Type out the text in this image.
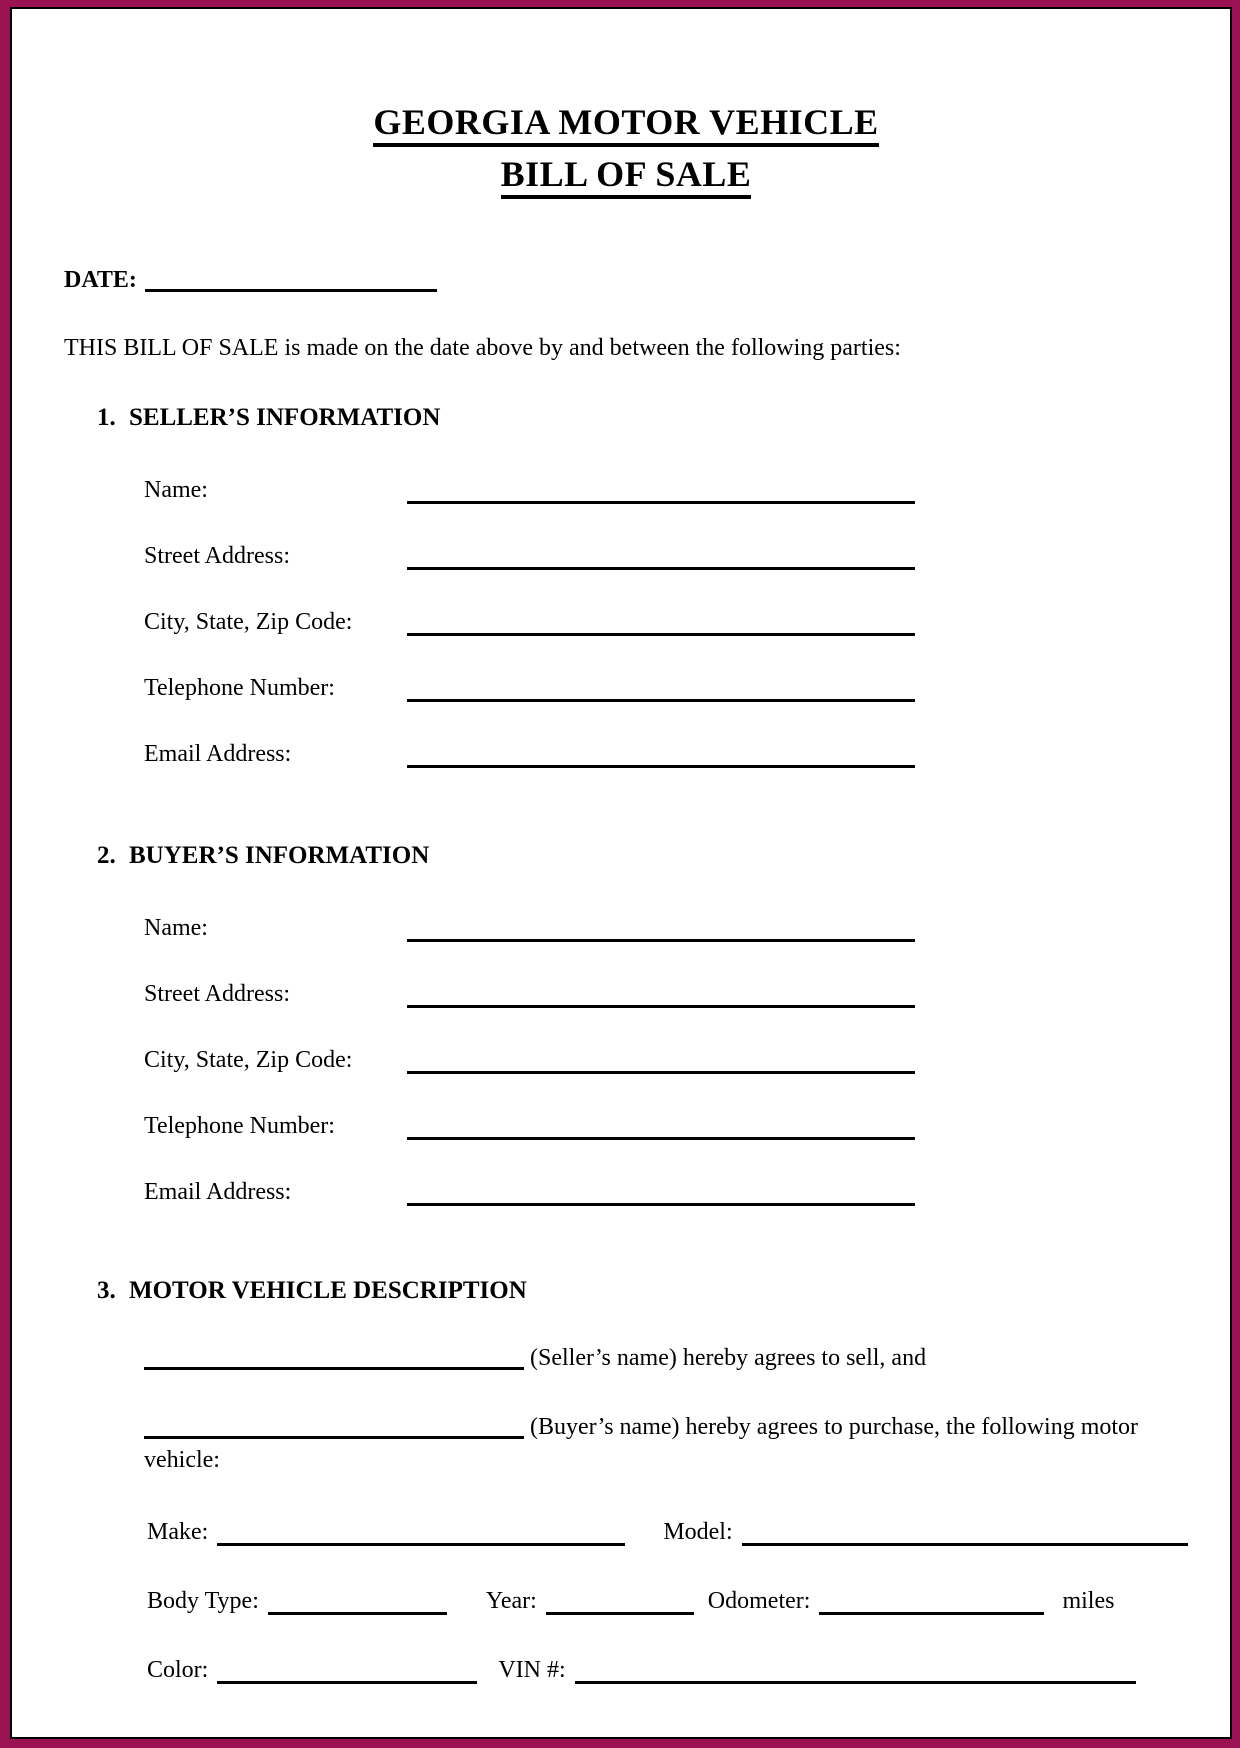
GEORGIA MOTOR VEHICLE
BILL OF SALE
DATE:
THIS BILL OF SALE is made on the date above by and between the following parties:
1. SELLER’S INFORMATION
Name:
Street Address:
City, State, Zip Code:
Telephone Number:
Email Address:
2. BUYER’S INFORMATION
Name:
Street Address:
City, State, Zip Code:
Telephone Number:
Email Address:
3. MOTOR VEHICLE DESCRIPTION
(Seller’s name) hereby agrees to sell, and
(Buyer’s name) hereby agrees to purchase, the following motor vehicle:
Make:	Model:
Body Type:	Year:	Odometer:	miles
Color:	VIN #:
